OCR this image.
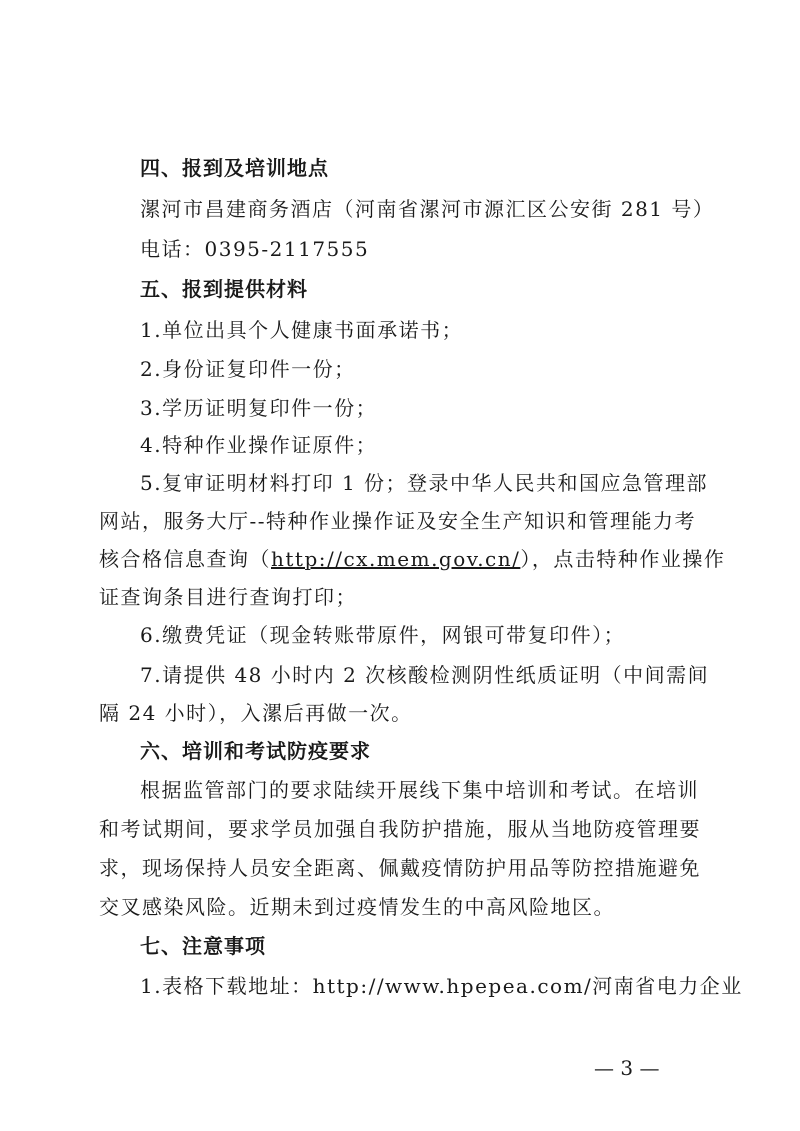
四、报到及培训地点
漯河市昌建商务酒店（河南省漯河市源汇区公安街 281 号）
电话：0395-2117555
五、报到提供材料
1.单位出具个人健康书面承诺书；
2.身份证复印件一份；
3.学历证明复印件一份；
4.特种作业操作证原件；
5.复审证明材料打印 1 份；登录中华人民共和国应急管理部
网站，服务大厅--特种作业操作证及安全生产知识和管理能力考
核合格信息查询（http://cx.mem.gov.cn/），点击特种作业操作
证查询条目进行查询打印；
6.缴费凭证（现金转账带原件，网银可带复印件）；
7.请提供 48 小时内 2 次核酸检测阴性纸质证明（中间需间
隔 24 小时），入漯后再做一次。
六、培训和考试防疫要求
根据监管部门的要求陆续开展线下集中培训和考试。在培训
和考试期间，要求学员加强自我防护措施，服从当地防疫管理要
求，现场保持人员安全距离、佩戴疫情防护用品等防控措施避免
交叉感染风险。近期未到过疫情发生的中高风险地区。
七、注意事项
1.表格下载地址：http://www.hpepea.com/河南省电力企业
— 3 —
